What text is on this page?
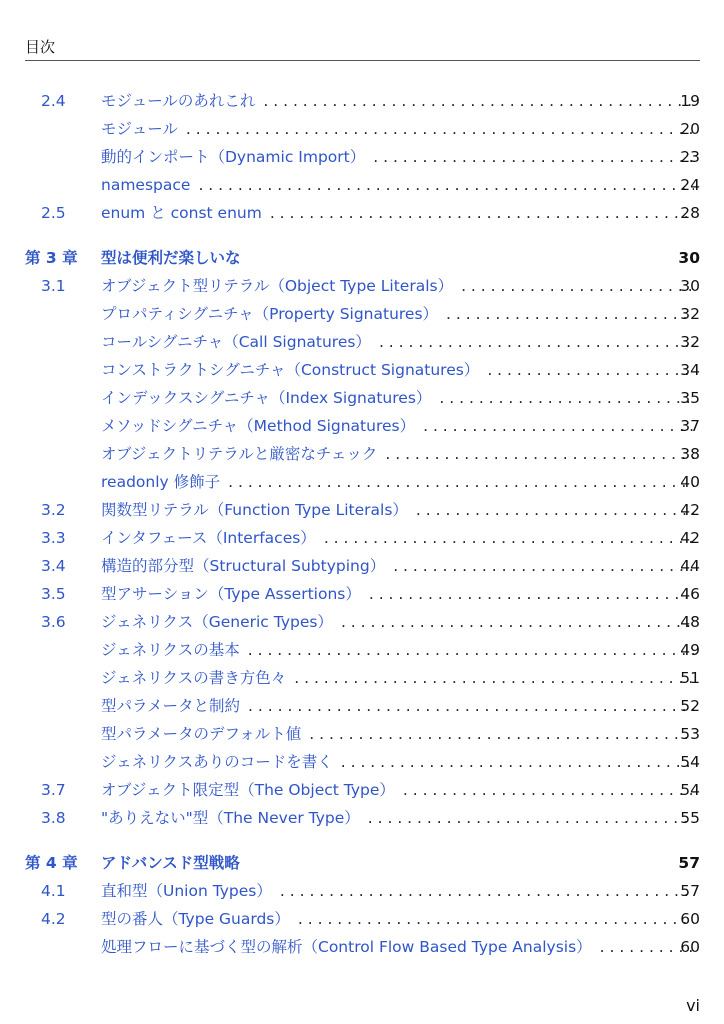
目次
2.4 モジュールのあれこれ . . .	19
モジュール . . .	20
動的インポート（Dynamic Import） . . .	23
namespace . . .	24
2.5 enum と const enum . . .	28
第 3 章 型は便利だ楽しいな	30
3.1 オブジェクト型リテラル（Object Type Literals） . . .	30
プロパティシグニチャ（Property Signatures） . . .	32
コールシグニチャ（Call Signatures） . . .	32
コンストラクトシグニチャ（Construct Signatures） . . .	34
インデックスシグニチャ（Index Signatures） . . .	35
メソッドシグニチャ（Method Signatures） . . .	37
オブジェクトリテラルと厳密なチェック . . .	38
readonly 修飾子 . . .	40
3.2 関数型リテラル（Function Type Literals） . . .	42
3.3 インタフェース（Interfaces） . . .	42
3.4 構造的部分型（Structural Subtyping） . . .	44
3.5 型アサーション（Type Assertions） . . .	46
3.6 ジェネリクス（Generic Types） . . .	48
ジェネリクスの基本 . . .	49
ジェネリクスの書き方色々 . . .	51
型パラメータと制約 . . .	52
型パラメータのデフォルト値 . . .	53
ジェネリクスありのコードを書く . . .	54
3.7 オブジェクト限定型（The Object Type） . . .	54
3.8 "ありえない"型（The Never Type） . . .	55
第 4 章 アドバンスド型戦略	57
4.1 直和型（Union Types） . . .	57
4.2 型の番人（Type Guards） . . .	60
処理フローに基づく型の解析（Control Flow Based Type Analysis） . . .	60
vi
